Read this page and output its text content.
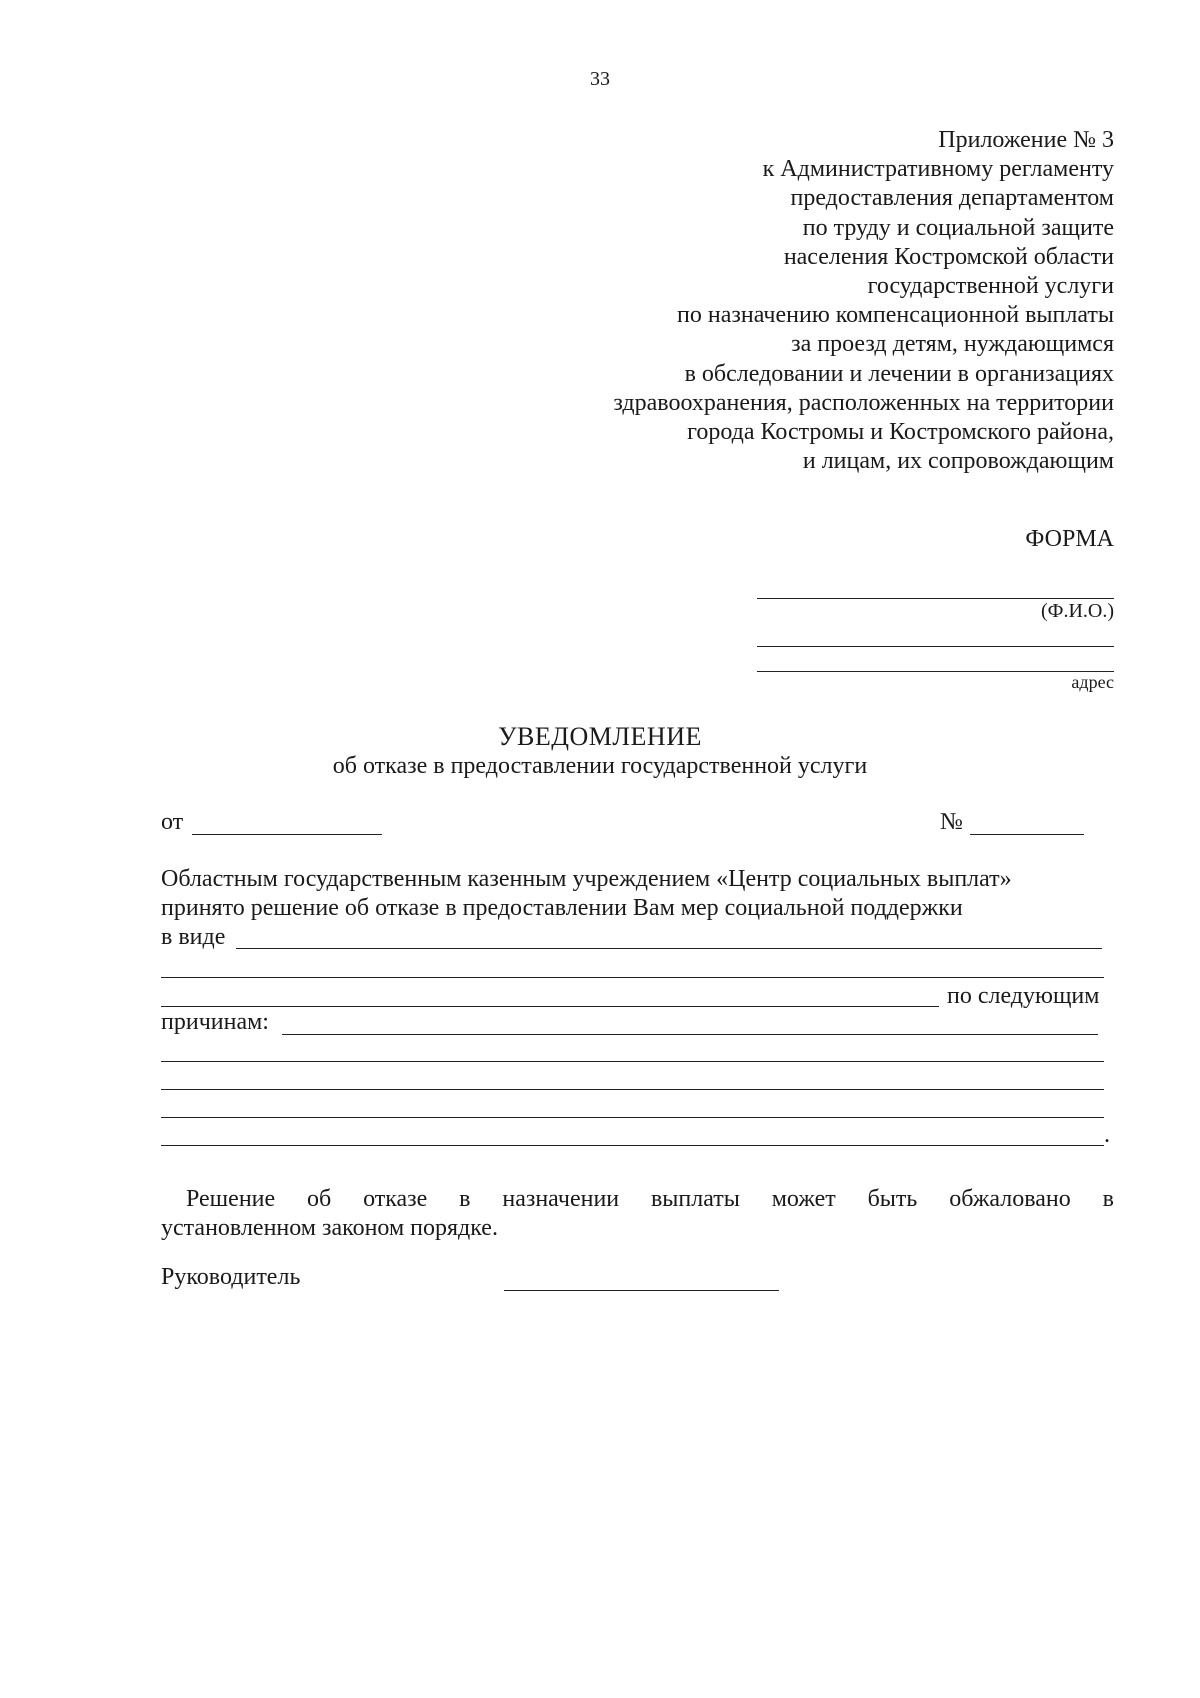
33
Приложение № 3
к Административному регламенту
предоставления департаментом
по труду и социальной защите
населения Костромской области
государственной услуги
по назначению компенсационной выплаты
за проезд детям, нуждающимся
в обследовании и лечении в организациях
здравоохранения, расположенных на территории
города Костромы и Костромского района,
и лицам, их сопровождающим
ФОРМА
(Ф.И.О.)
адрес
УВЕДОМЛЕНИЕ
об отказе в предоставлении государственной услуги
от	№
Областным государственным казенным учреждением «Центр социальных выплат»
принято решение об отказе в предоставлении Вам мер социальной поддержки
в виде
по следующим
причинам:
.
Решение об отказе в назначении выплаты может быть обжаловано в
установленном законом порядке.
Руководитель
